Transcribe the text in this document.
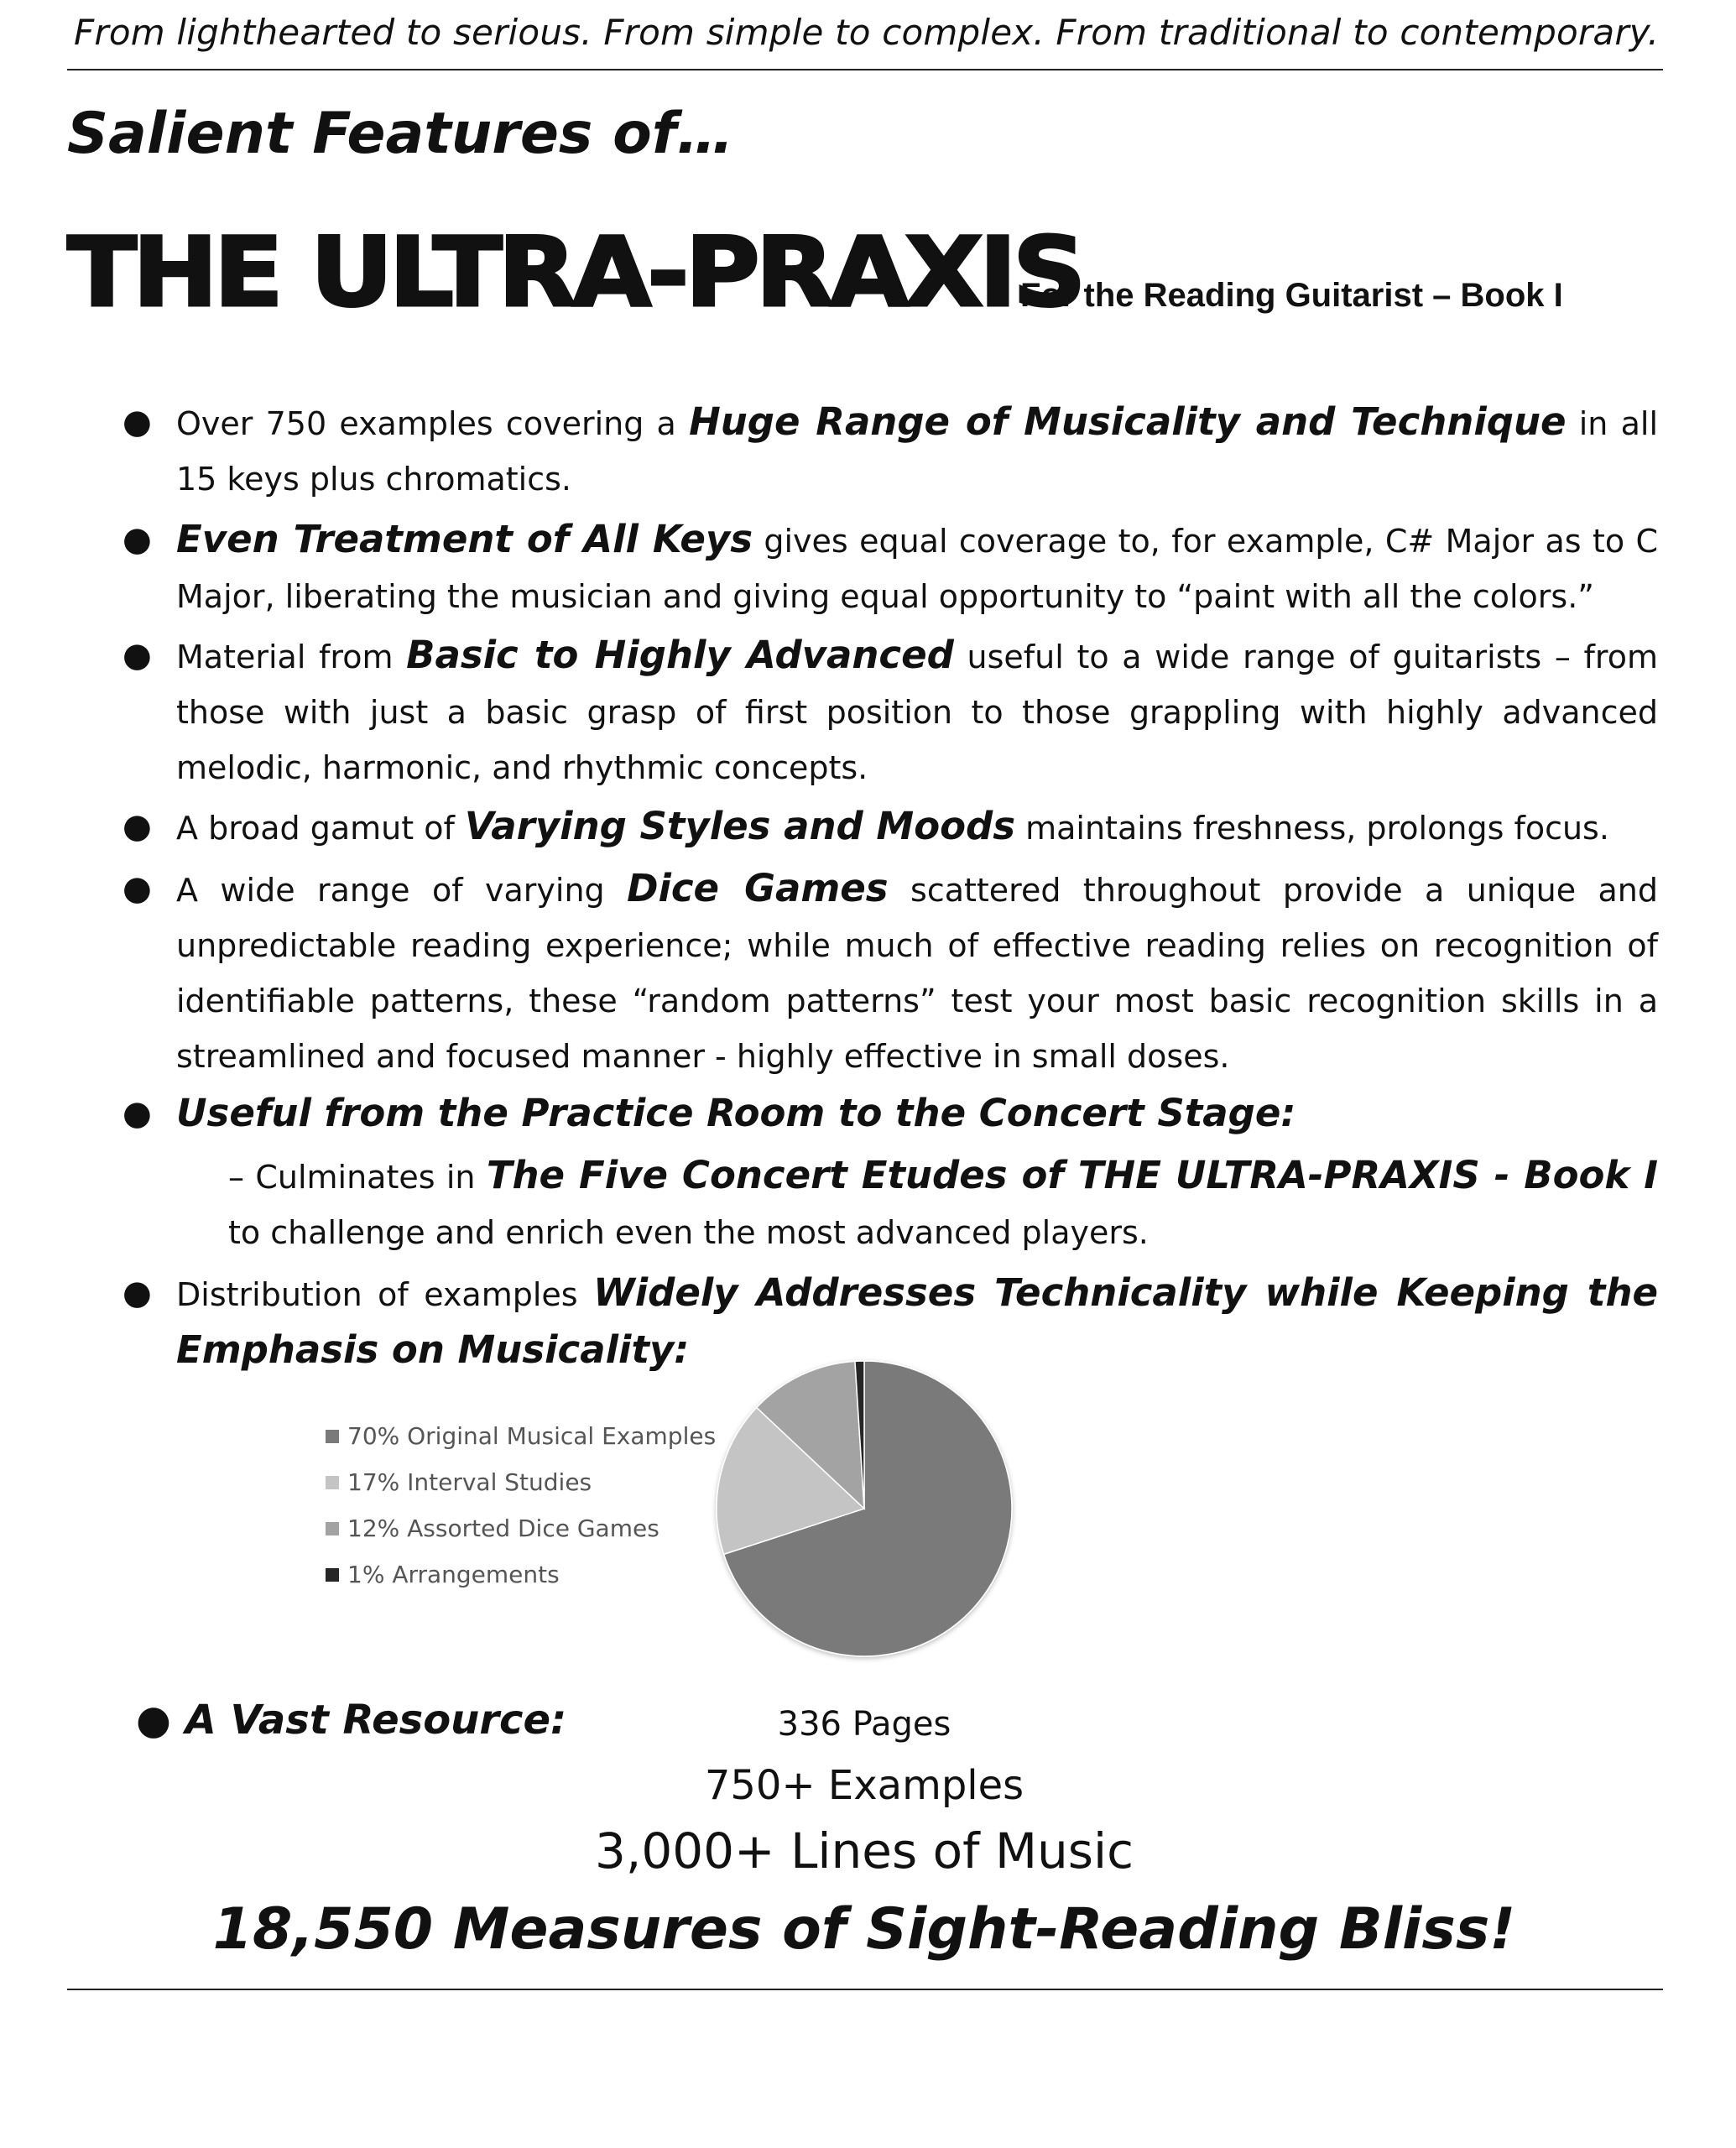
From lighthearted to serious. From simple to complex. From traditional to contemporary.
Salient Features of…
THE ULTRA-PRAXIS
For the Reading Guitarist – Book I
● Over 750 examples covering a Huge Range of Musicality and Technique in all 15 keys plus chromatics.
● Even Treatment of All Keys gives equal coverage to, for example, C# Major as to C Major, liberating the musician and giving equal opportunity to “paint with all the colors.”
● Material from Basic to Highly Advanced useful to a wide range of guitarists – from those with just a basic grasp of first position to those grappling with highly advanced melodic, harmonic, and rhythmic concepts.
● A broad gamut of Varying Styles and Moods maintains freshness, prolongs focus.
● A wide range of varying Dice Games scattered throughout provide a unique and unpredictable reading experience; while much of effective reading relies on recognition of identifiable patterns, these “random patterns” test your most basic recognition skills in a streamlined and focused manner - highly effective in small doses.
● Useful from the Practice Room to the Concert Stage:
– Culminates in The Five Concert Etudes of THE ULTRA-PRAXIS - Book I to challenge and enrich even the most advanced players.
● Distribution of examples Widely Addresses Technicality while Keeping the Emphasis on Musicality:
70% Original Musical Examples
17% Interval Studies
12% Assorted Dice Games
1% Arrangements
● A Vast Resource:	336 Pages
750+ Examples
3,000+ Lines of Music
18,550 Measures of Sight-Reading Bliss!
